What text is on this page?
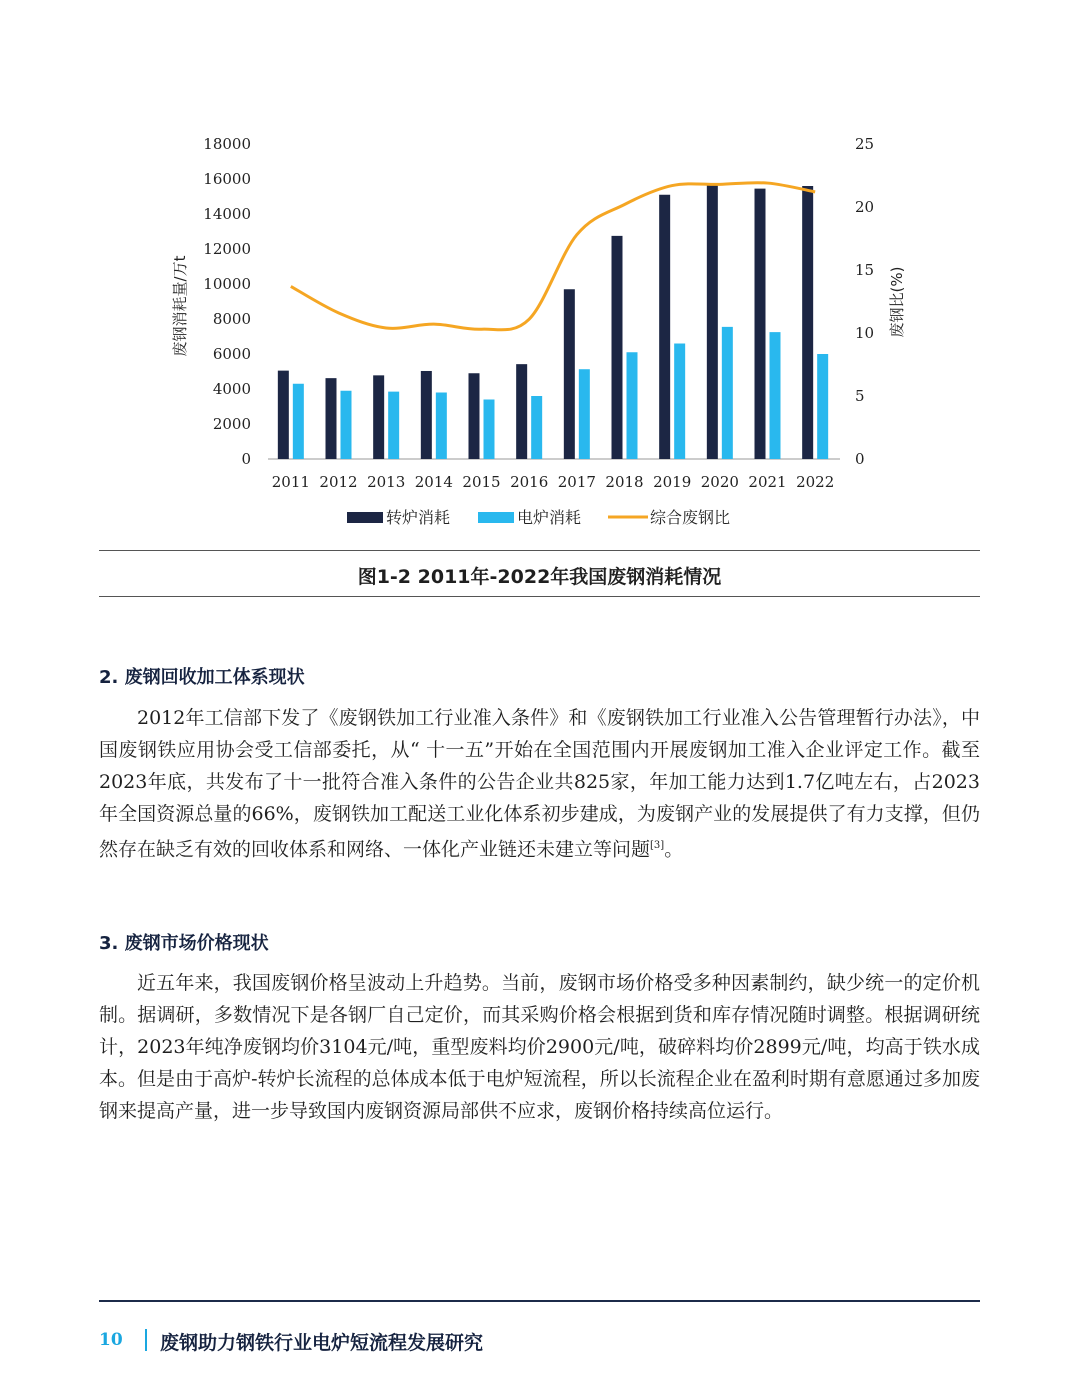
18000
16000
14000
12000
10000
8000
6000
4000
2000
0
25
20
15
10
5
0
废钢消耗量/万t	废钢比(%)
2011 2012 2013 2014 2015 2016 2017 2018 2019 2020 2021 2022
转炉消耗	电炉消耗	综合废钢比
图1-2 2011年-2022年我国废钢消耗情况
2. 废钢回收加工体系现状

2012年工信部下发了《废钢铁加工行业准入条件》和《废钢铁加工行业准入公告管理暂行办法》，中国废钢铁应用协会受工信部委托，从“ 十一五”开始在全国范围内开展废钢加工准入企业评定工作。截至2023年底，共发布了十一批符合准入条件的公告企业共825家，年加工能力达到1.7亿吨左右，占2023年全国资源总量的66%，废钢铁加工配送工业化体系初步建成，为废钢产业的发展提供了有力支撑，但仍然存在缺乏有效的回收体系和网络、一体化产业链还未建立等问题[3]。

3. 废钢市场价格现状

近五年来，我国废钢价格呈波动上升趋势。当前，废钢市场价格受多种因素制约，缺少统一的定价机制。据调研，多数情况下是各钢厂自己定价，而其采购价格会根据到货和库存情况随时调整。根据调研统计，2023年纯净废钢均价3104元/吨，重型废料均价2900元/吨，破碎料均价2899元/吨，均高于铁水成本。但是由于高炉-转炉长流程的总体成本低于电炉短流程，所以长流程企业在盈利时期有意愿通过多加废钢来提高产量，进一步导致国内废钢资源局部供不应求，废钢价格持续高位运行。

10 废钢助力钢铁行业电炉短流程发展研究
